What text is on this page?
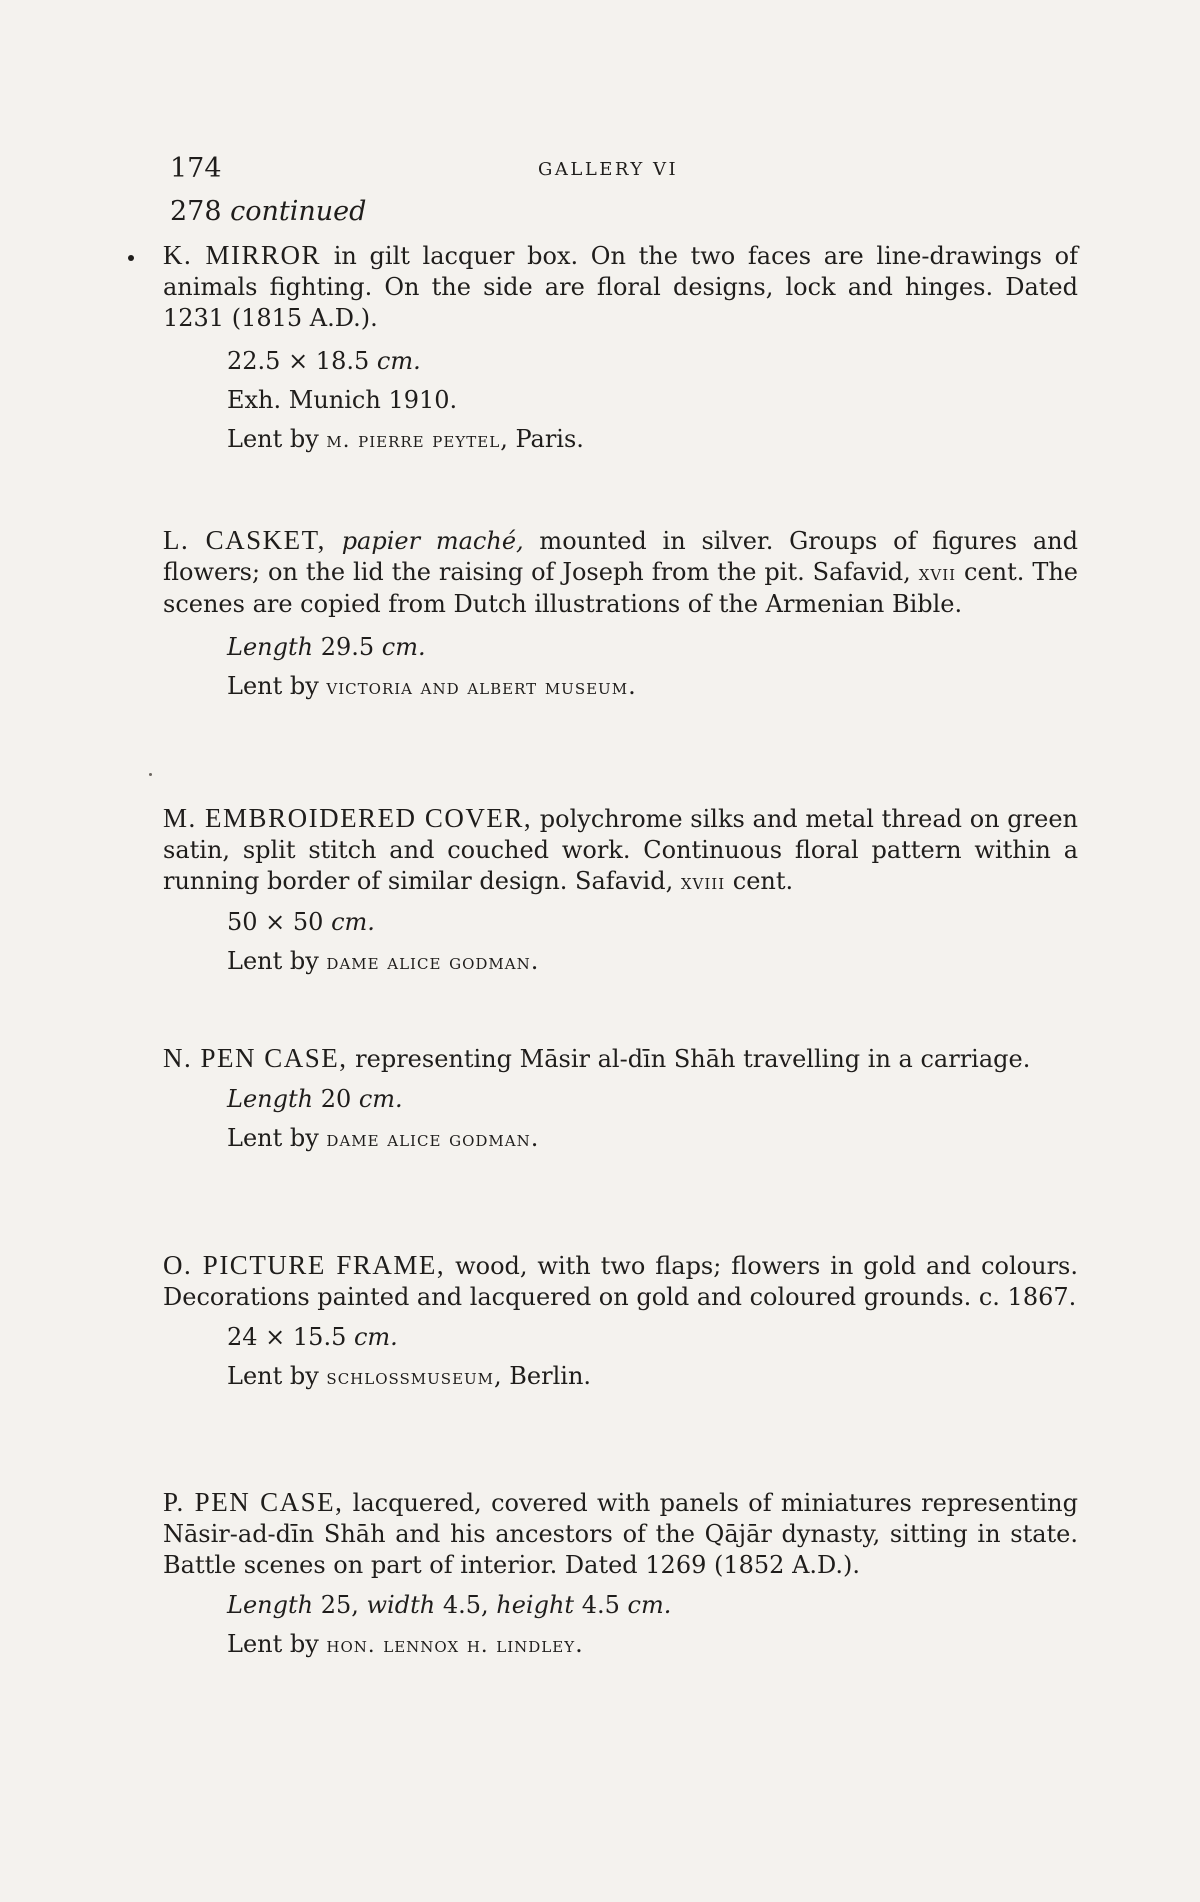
174	GALLERY VI
278 continued
K. MIRROR in gilt lacquer box. On the two faces are line-drawings of animals fighting. On the side are floral designs, lock and hinges. Dated 1231 (1815 A.D.).
22.5 × 18.5 cm.
Exh. Munich 1910.
Lent by m. pierre peytel, Paris.
L. CASKET, papier maché, mounted in silver. Groups of figures and flowers; on the lid the raising of Joseph from the pit. Safavid, xvii cent. The scenes are copied from Dutch illustrations of the Armenian Bible.
Length 29.5 cm.
Lent by victoria and albert museum.
M. EMBROIDERED COVER, polychrome silks and metal thread on green satin, split stitch and couched work. Continuous floral pattern within a running border of similar design. Safavid, xviii cent.
50 × 50 cm.
Lent by dame alice godman.
N. PEN CASE, representing Māsir al-dīn Shāh travelling in a carriage.
Length 20 cm.
Lent by dame alice godman.
O. PICTURE FRAME, wood, with two flaps; flowers in gold and colours. Decorations painted and lacquered on gold and coloured grounds. c. 1867.
24 × 15.5 cm.
Lent by schlossmuseum, Berlin.
P. PEN CASE, lacquered, covered with panels of miniatures representing Nāsir-ad-dīn Shāh and his ancestors of the Qājār dynasty, sitting in state. Battle scenes on part of interior. Dated 1269 (1852 A.D.).
Length 25, width 4.5, height 4.5 cm.
Lent by hon. lennox h. lindley.
